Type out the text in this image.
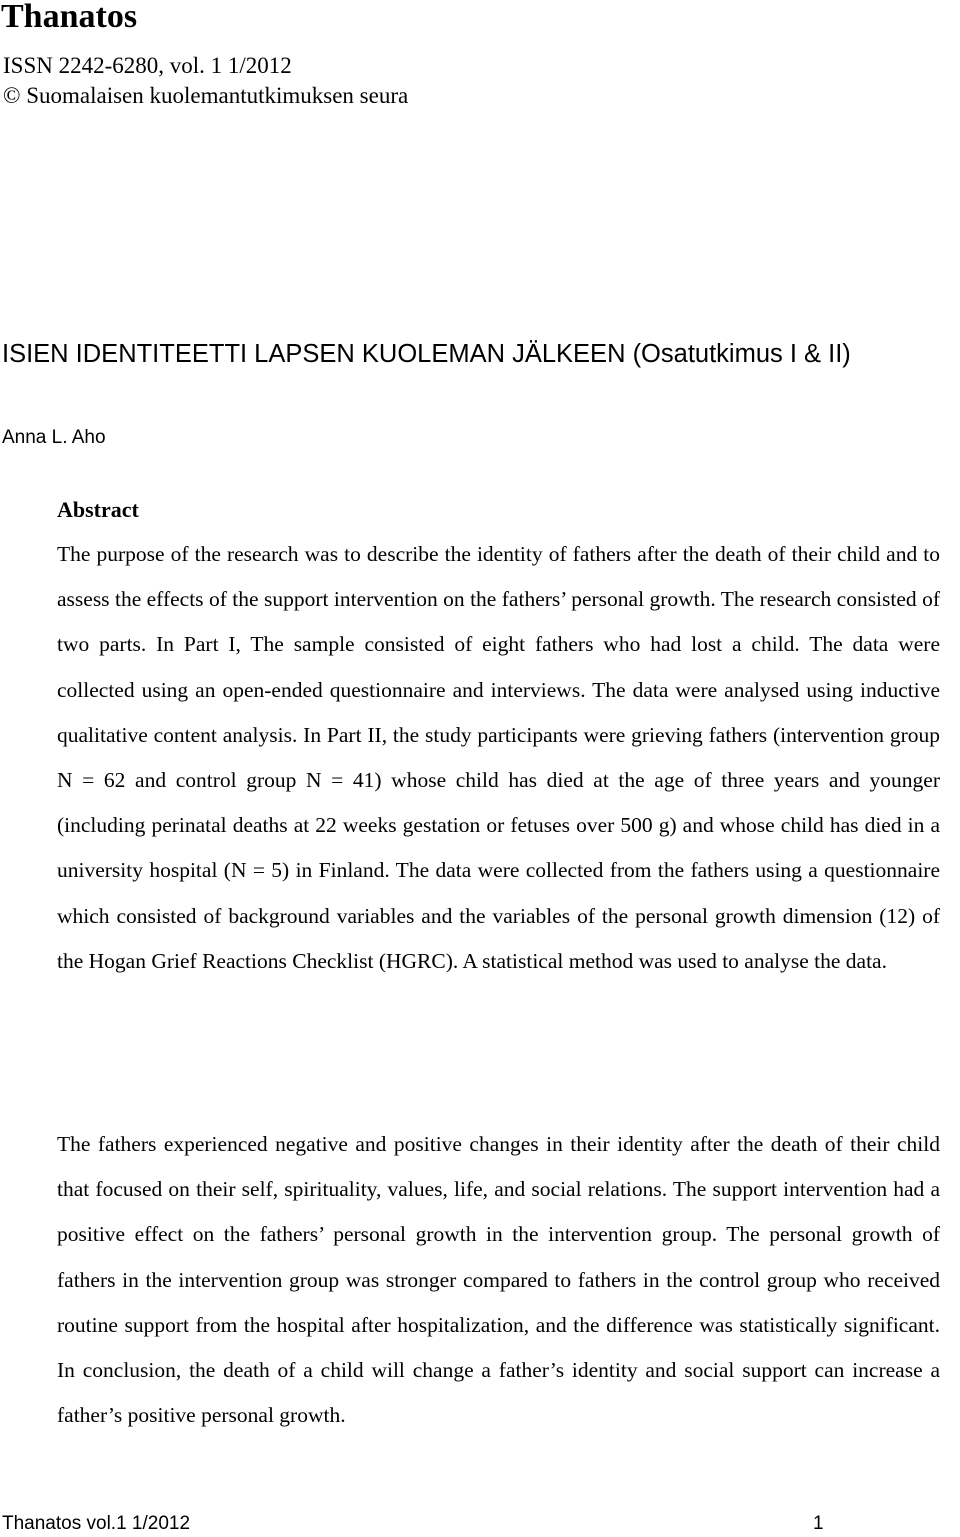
Thanatos
ISSN 2242-6280, vol. 1 1/2012
© Suomalaisen kuolemantutkimuksen seura
ISIEN IDENTITEETTI LAPSEN KUOLEMAN JÄLKEEN (Osatutkimus I & II)
Anna L. Aho
Abstract

The purpose of the research was to describe the identity of fathers after the death of their child and to assess the effects of the support intervention on the fathers’ personal growth. The research consisted of two parts. In Part I, The sample consisted of eight fathers who had lost a child. The data were collected using an open-ended questionnaire and interviews. The data were analysed using inductive qualitative content analysis. In Part II, the study participants were grieving fathers (intervention group N = 62 and control group N = 41) whose child has died at the age of three years and younger (including perinatal deaths at 22 weeks gestation or fetuses over 500 g) and whose child has died in a university hospital (N = 5) in Finland. The data were collected from the fathers using a questionnaire which consisted of background variables and the variables of the personal growth dimension (12) of the Hogan Grief Reactions Checklist (HGRC). A statistical method was used to analyse the data.

The fathers experienced negative and positive changes in their identity after the death of their child that focused on their self, spirituality, values, life, and social relations. The support intervention had a positive effect on the fathers’ personal growth in the intervention group. The personal growth of fathers in the intervention group was stronger compared to fathers in the control group who received routine support from the hospital after hospitalization, and the difference was statistically significant. In conclusion, the death of a child will change a father’s identity and social support can increase a father’s positive personal growth.

Thanatos vol.1 1/2012	1
